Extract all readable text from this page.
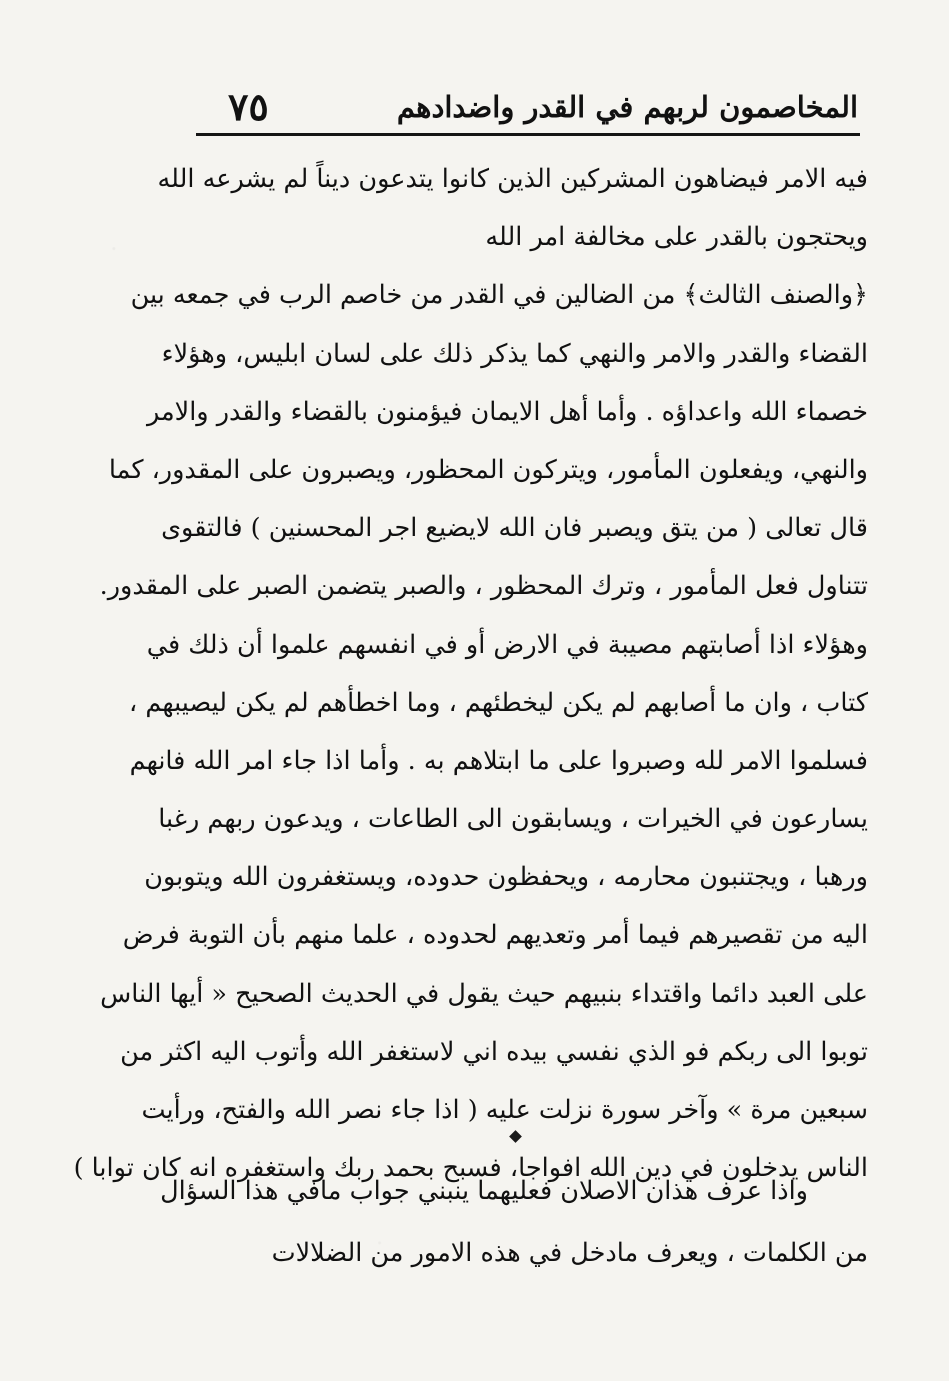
المخاصمون لربهم في القدر واضدادهم
٧٥
فيه الامر فيضاهون المشركين الذين كانوا يتدعون ديناً لم يشرعه الله
ويحتجون بالقدر على مخالفة امر الله
﴿والصنف الثالث﴾ من الضالين في القدر من خاصم الرب في جمعه بين
القضاء والقدر والامر والنهي كما يذكر ذلك على لسان ابليس، وهؤلاء
خصماء الله واعداؤه . وأما أهل الايمان فيؤمنون بالقضاء والقدر والامر
والنهي، ويفعلون المأمور، ويتركون المحظور، ويصبرون على المقدور، كما
قال تعالى ( من يتق ويصبر فان الله لايضيع اجر المحسنين ) فالتقوى
تتناول فعل المأمور ، وترك المحظور ، والصبر يتضمن الصبر على المقدور.
وهؤلاء اذا أصابتهم مصيبة في الارض أو في انفسهم علموا أن ذلك في
كتاب ، وان ما أصابهم لم يكن ليخطئهم ، وما اخطأهم لم يكن ليصيبهم ،
فسلموا الامر لله وصبروا على ما ابتلاهم به . وأما اذا جاء امر الله فانهم
يسارعون في الخيرات ، ويسابقون الى الطاعات ، ويدعون ربهم رغبا
ورهبا ، ويجتنبون محارمه ، ويحفظون حدوده، ويستغفرون الله ويتوبون
اليه من تقصيرهم فيما أمر وتعديهم لحدوده ، علما منهم بأن التوبة فرض
على العبد دائما واقتداء بنبيهم حيث يقول في الحديث الصحيح « أيها الناس
توبوا الى ربكم فو الذي نفسي بيده اني لاستغفر الله وأتوب اليه اكثر من
سبعين مرة » وآخر سورة نزلت عليه ( اذا جاء نصر الله والفتح، ورأيت
الناس يدخلون في دين الله افواجا، فسبح بحمد ربك واستغفره انه كان توابا )
واذا عرف هذان الاصلان فعليهما ينبني جواب مافي هذا السؤال
من الكلمات ، ويعرف مادخل في هذه الامور من الضلالات
